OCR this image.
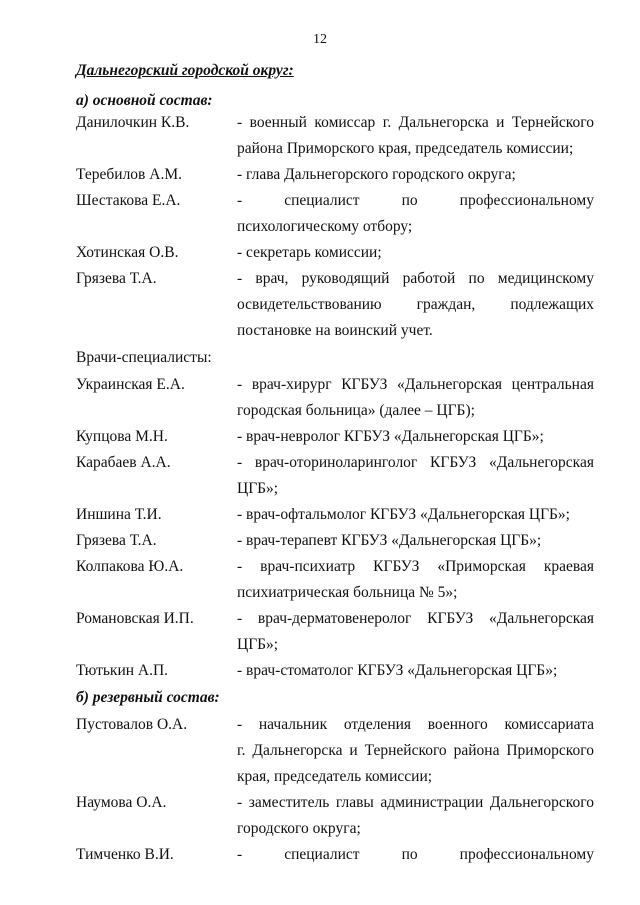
12
Дальнегорский городской округ:
а) основной состав:
Данилочкин К.В.	- военный комиссар г. Дальнегорска и Тернейского
района Приморского края, председатель комиссии;
Теребилов А.М.	- глава Дальнегорского городского округа;
Шестакова Е.А.	- специалист по профессиональному
психологическому отбору;
Хотинская О.В.	- секретарь комиссии;
Грязева Т.А.	- врач, руководящий работой по медицинскому
освидетельствованию граждан, подлежащих
постановке на воинский учет.
Врачи-специалисты:
Украинская Е.А.	- врач-хирург КГБУЗ «Дальнегорская центральная
городская больница» (далее – ЦГБ);
Купцова М.Н.	- врач-невролог КГБУЗ «Дальнегорская ЦГБ»;
Карабаев А.А.	- врач-оториноларинголог КГБУЗ «Дальнегорская
ЦГБ»;
Иншина Т.И.	- врач-офтальмолог КГБУЗ «Дальнегорская ЦГБ»;
Грязева Т.А.	- врач-терапевт КГБУЗ «Дальнегорская ЦГБ»;
Колпакова Ю.А.	- врач-психиатр КГБУЗ «Приморская краевая
психиатрическая больница № 5»;
Романовская И.П.	- врач-дерматовенеролог КГБУЗ «Дальнегорская
ЦГБ»;
Тютькин А.П.	- врач-стоматолог КГБУЗ «Дальнегорская ЦГБ»;
б) резервный состав:
Пустовалов О.А.	- начальник отделения военного комиссариата
г. Дальнегорска и Тернейского района Приморского
края, председатель комиссии;
Наумова О.А.	- заместитель главы администрации Дальнегорского
городского округа;
Тимченко В.И.	- специалист по профессиональному
